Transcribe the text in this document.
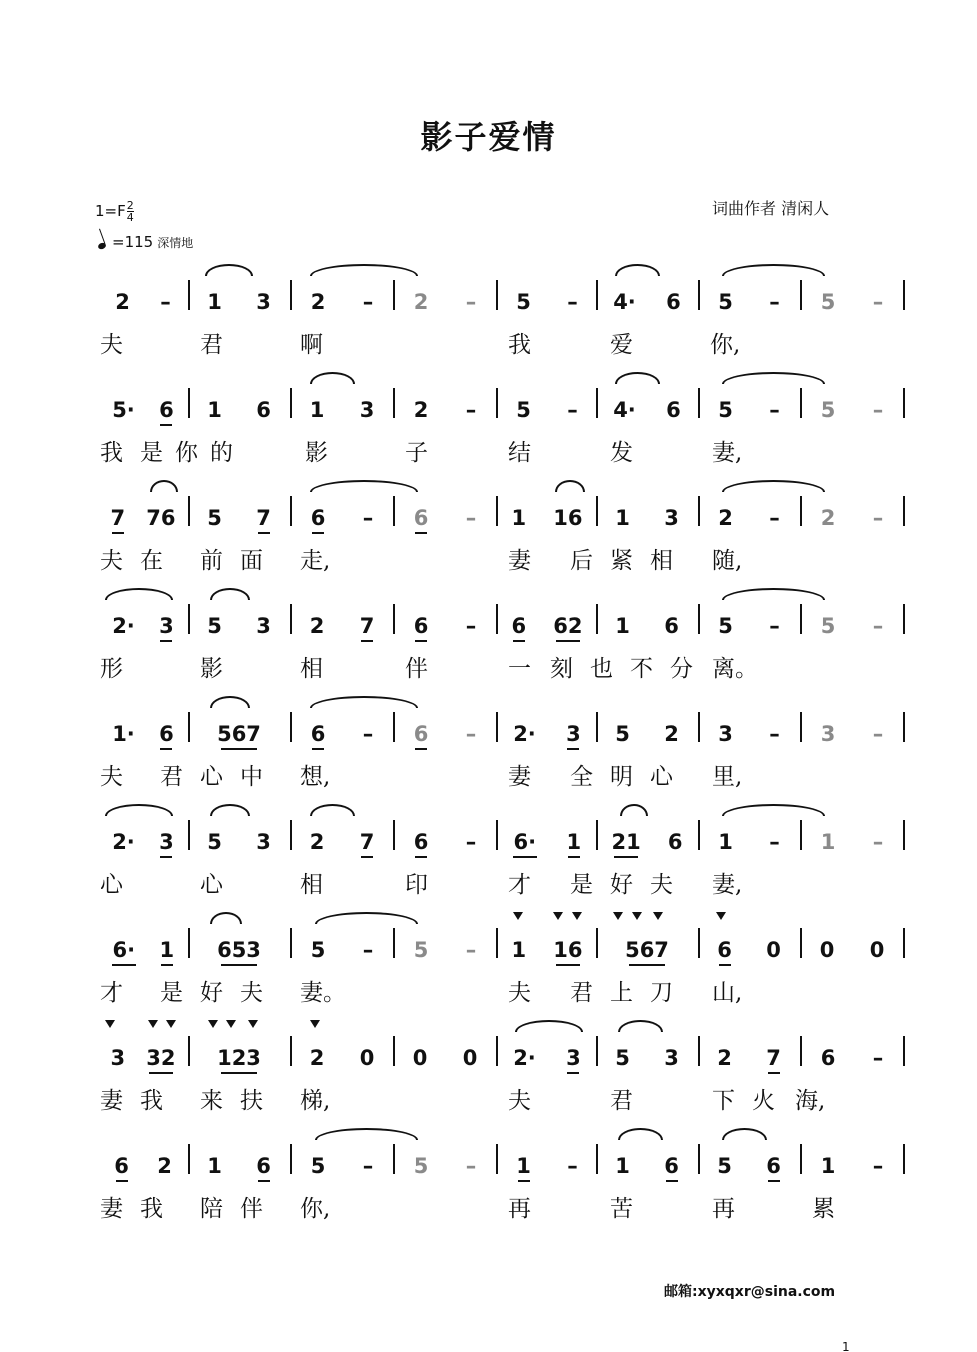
影子爱情
$1=F \frac{2}{4}$
=115 深情地
词曲作者 清闲人
邮箱:xyxqxr@sina.com
1
2 – 1 3 2 – 2 – 5 – 4· 6 5 – 5 –
夫	君	啊	我	爱	你,
5· 6 1 6 1 3 2 – 5 – 4· 6 5 – 5 –
我 是 你 的	影	子	结	发	妻,
7 76 5 7 6 – 6 – 1 16 1 3 2 – 2 –
夫 在 前 面 走,	妻 后 紧 相 随,
2· 3 5 3 2 7 6 – 6 62 1 6 5 – 5 –
形	影	相	伴	一 刻 也 不 分 离。
1· 6 567 6 – 6 – 2· 3 5 2 3 – 3 –
夫 君 心 中 想,	妻 全 明 心 里,
2· 3 5 3 2 7 6 – 6· 1 21 6 1 – 1 –
心	心	相	印	才 是 好 夫 妻,
6· 1 653 5 – 5 – 1 16 567 6 0 0 0
才 是 好 夫 妻。	夫 君 上 刀 山,
3 32 123 2 0 0 0 2· 3 5 3 2 7 6 –
妻 我 来 扶 梯,	夫	君	下 火 海,
6 2 1 6 5 – 5 – 1 – 1 6 5 6 1 –
妻 我 陪 伴 你,	再	苦	再	累
